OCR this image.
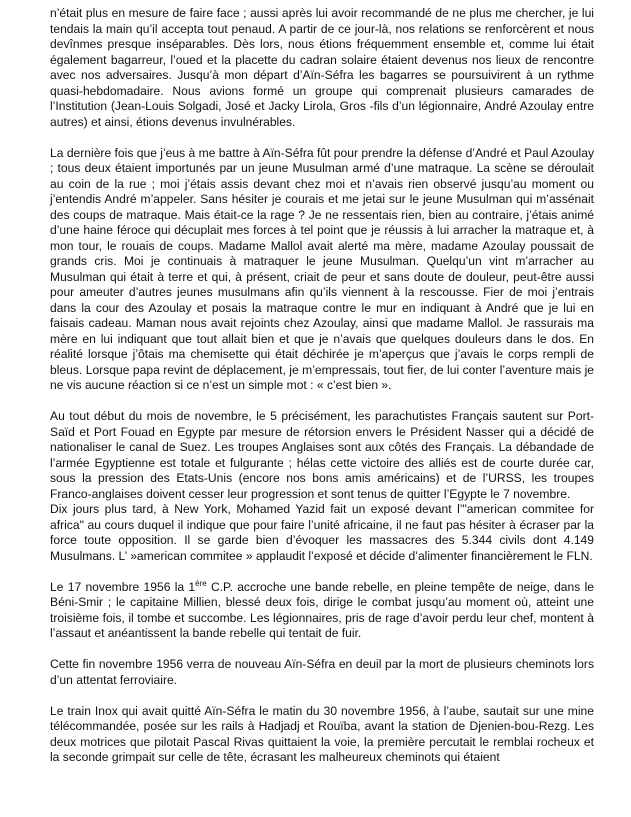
n’était plus en mesure de faire face ; aussi après lui avoir recommandé de ne plus me chercher, je lui tendais la main qu’il accepta tout penaud. A partir de ce jour-là, nos relations se renforcèrent et nous devînmes presque inséparables. Dès lors, nous étions fréquemment ensemble et, comme lui était également bagarreur, l’oued et la placette du cadran solaire étaient devenus nos lieux de rencontre avec nos adversaires. Jusqu’à mon départ d’Aïn-Séfra les bagarres se poursuivirent à un rythme quasi-hebdomadaire. Nous avions formé un groupe qui comprenait plusieurs camarades de l’Institution (Jean-Louis Solgadi, José et Jacky Lirola, Gros -fils d’un légionnaire, André Azoulay entre autres) et ainsi, étions devenus invulnérables.

La dernière fois que j’eus à me battre à Aïn-Séfra fût pour prendre la défense d’André et Paul Azoulay ; tous deux étaient importunés par un jeune Musulman armé d’une matraque. La scène se déroulait au coin de la rue ; moi j’étais assis devant chez moi et n’avais rien observé jusqu’au moment ou j’entendis André m’appeler. Sans hésiter je courais et me jetai sur le jeune Musulman qui m’assénait des coups de matraque. Mais était-ce la rage ? Je ne ressentais rien, bien au contraire, j’étais animé d’une haine féroce qui décuplait mes forces à tel point que je réussis à lui arracher la matraque et, à mon tour, le rouais de coups. Madame Mallol avait alerté ma mère, madame Azoulay poussait de grands cris. Moi je continuais à matraquer le jeune Musulman. Quelqu’un vint m’arracher au Musulman qui était à terre et qui, à présent, criait de peur et sans doute de douleur, peut-être aussi pour ameuter d’autres jeunes musulmans afin qu’ils viennent à la rescousse. Fier de moi j’entrais dans la cour des Azoulay et posais la matraque contre le mur en indiquant à André que je lui en faisais cadeau. Maman nous avait rejoints chez Azoulay, ainsi que madame Mallol. Je rassurais ma mère en lui indiquant que tout allait bien et que je n’avais que quelques douleurs dans le dos. En réalité lorsque j’ôtais ma chemisette qui était déchirée je m’aperçus que j’avais le corps rempli de bleus. Lorsque papa revint de déplacement, je m’empressais, tout fier, de lui conter l’aventure mais je ne vis aucune réaction si ce n’est un simple mot : « c’est bien ».

Au tout début du mois de novembre, le 5 précisément, les parachutistes Français sautent sur Port-Saïd et Port Fouad en Egypte par mesure de rétorsion envers le Président Nasser qui a décidé de nationaliser le canal de Suez. Les troupes Anglaises sont aux côtés des Français. La débandade de l’armée Egyptienne est totale et fulgurante ; hélas cette victoire des alliés est de courte durée car, sous la pression des Etats-Unis (encore nos bons amis américains) et de l’URSS, les troupes Franco-anglaises doivent cesser leur progression et sont tenus de quitter l’Egypte le 7 novembre.

Dix jours plus tard, à New York, Mohamed Yazid fait un exposé devant l’"american commitee for africa" au cours duquel il indique que pour faire l’unité africaine, il ne faut pas hésiter à écraser par la force toute opposition. Il se garde bien d’évoquer les massacres des 5.344 civils dont 4.149 Musulmans. L’ »american commitee » applaudit l’exposé et décide d’alimenter financièrement le FLN.

Le 17 novembre 1956 la 1ère C.P. accroche une bande rebelle, en pleine tempête de neige, dans le Béni-Smir ; le capitaine Millien, blessé deux fois, dirige le combat jusqu’au moment où, atteint une troisième fois, il tombe et succombe. Les légionnaires, pris de rage d’avoir perdu leur chef, montent à l’assaut et anéantissent la bande rebelle qui tentait de fuir.

Cette fin novembre 1956 verra de nouveau Aïn-Séfra en deuil par la mort de plusieurs cheminots lors d’un attentat ferroviaire.

Le train Inox qui avait quitté Aïn-Séfra le matin du 30 novembre 1956, à l’aube, sautait sur une mine télécommandée, posée sur les rails à Hadjadj et Rouïba, avant la station de Djenien-bou-Rezg. Les deux motrices que pilotait Pascal Rivas quittaient la voie, la première percutait le remblai rocheux et la seconde grimpait sur celle de tête, écrasant les malheureux cheminots qui étaient
